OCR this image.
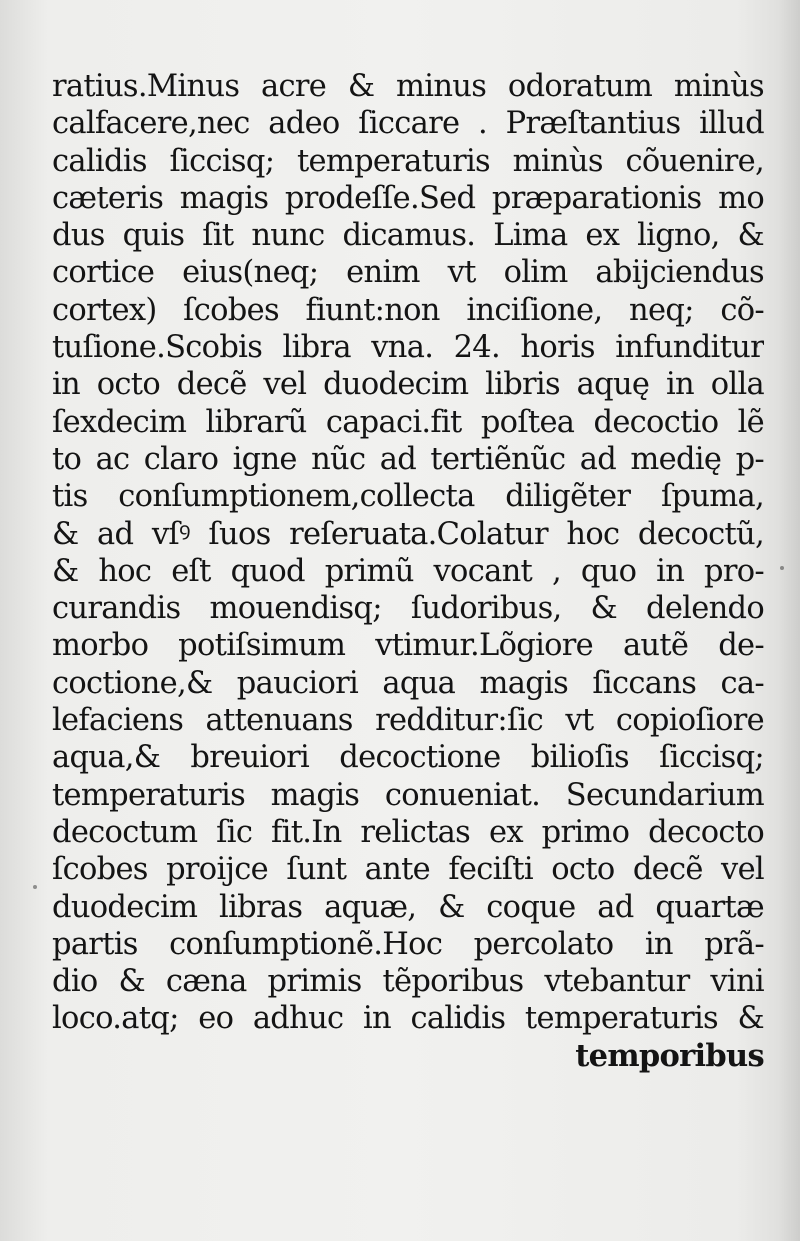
ratius.Minus acre & minus odoratum minùs
calfacere,nec adeo ſiccare . Præſtantius illud
calidis ſiccisq; temperaturis minùs cõuenire,
cæteris magis prodeſſe.Sed præparationis mo
dus quis ſit nunc dicamus. Lima ex ligno, &
cortice eius(neq; enim vt olim abijciendus
cortex) ſcobes fiunt:non inciſione, neq; cõ-
tuſione.Scobis libra vna. 24. horis infunditur
in octo decẽ vel duodecim libris aquę in olla
ſexdecim librarũ capaci.fit poſtea decoctio lẽ
to ac claro igne nũc ad tertiẽnũc ad medię p-
tis conſumptionem,collecta diligẽter ſpuma,
& ad vſꝰ ſuos reſeruata.Colatur hoc decoctũ,
& hoc eſt quod primũ vocant , quo in pro-
curandis mouendisq; ſudoribus, & delendo
morbo potiſsimum vtimur.Lõgiore autẽ de-
coctione,& pauciori aqua magis ſiccans ca-
lefaciens attenuans redditur:ſic vt copioſiore
aqua,& breuiori decoctione bilioſis ſiccisq;
temperaturis magis conueniat. Secundarium
decoctum ſic fit.In relictas ex primo decocto
ſcobes proijce ſunt ante feciſti octo decẽ vel
duodecim libras aquæ, & coque ad quartæ
partis conſumptionẽ.Hoc percolato in prã-
dio & cæna primis tẽporibus vtebantur vini
loco.atq; eo adhuc in calidis temperaturis &
temporibus
